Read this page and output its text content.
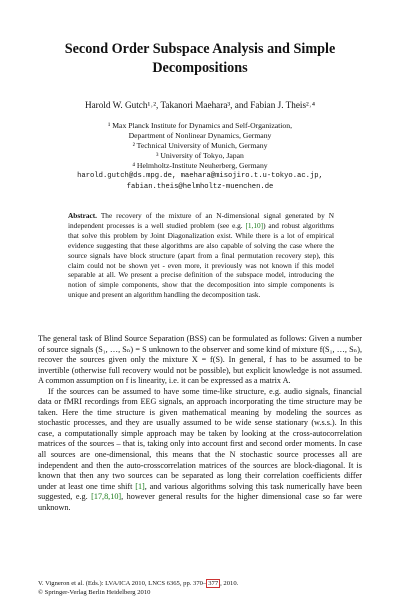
Second Order Subspace Analysis and Simple
Decompositions
Harold W. Gutch¹˒², Takanori Maehara³, and Fabian J. Theis²˒⁴
¹ Max Planck Institute for Dynamics and Self-Organization,
Department of Nonlinear Dynamics, Germany
² Technical University of Munich, Germany
³ University of Tokyo, Japan
⁴ Helmholtz-Institute Neuherberg, Germany
harold.gutch@ds.mpg.de, maehara@misojiro.t.u-tokyo.ac.jp,
fabian.theis@helmholtz-muenchen.de
Abstract. The recovery of the mixture of an N-dimensional signal generated by N independent processes is a well studied problem (see e.g. [1,10]) and robust algorithms that solve this problem by Joint Diagonalization exist. While there is a lot of empirical evidence suggesting that these algorithms are also capable of solving the case where the source signals have block structure (apart from a final permutation recovery step), this claim could not be shown yet - even more, it previously was not known if this model separable at all. We present a precise definition of the subspace model, introducing the notion of simple components, show that the decomposition into simple components is unique and present an algorithm handling the decomposition task.

The general task of Blind Source Separation (BSS) can be formulated as follows: Given a number of source signals (S₁, …, Sₙ) = S unknown to the observer and some kind of mixture f(S₁, …, Sₙ), recover the sources given only the mixture X = f(S). In general, f has to be assumed to be invertible (otherwise full recovery would not be possible), but explicit knowledge is not assumed. A common assumption on f is linearity, i.e. it can be expressed as a matrix A.

If the sources can be assumed to have some time-like structure, e.g. audio signals, financial data or fMRI recordings from EEG signals, an approach incorporating the time structure may be taken. Here the time structure is given mathematical meaning by modeling the sources as stochastic processes, and they are usually assumed to be wide sense stationary (w.s.s.). In this case, a computationally simple approach may be taken by looking at the cross-autocorrelation matrices of the sources – that is, taking only into account first and second order moments. In case all sources are one-dimensional, this means that the N stochastic source processes all are independent and then the auto-crosscorrelation matrices of the sources are block-diagonal. It is known that then any two sources can be separated as long their correlation coefficients differ under at least one time shift [1], and various algorithms solving this task numerically have been suggested, e.g. [17,8,10], however general results for the higher dimensional case so far were unknown.

V. Vigneron et al. (Eds.): LVA/ICA 2010, LNCS 6365, pp. 370– 377 , 2010.
© Springer-Verlag Berlin Heidelberg 2010
